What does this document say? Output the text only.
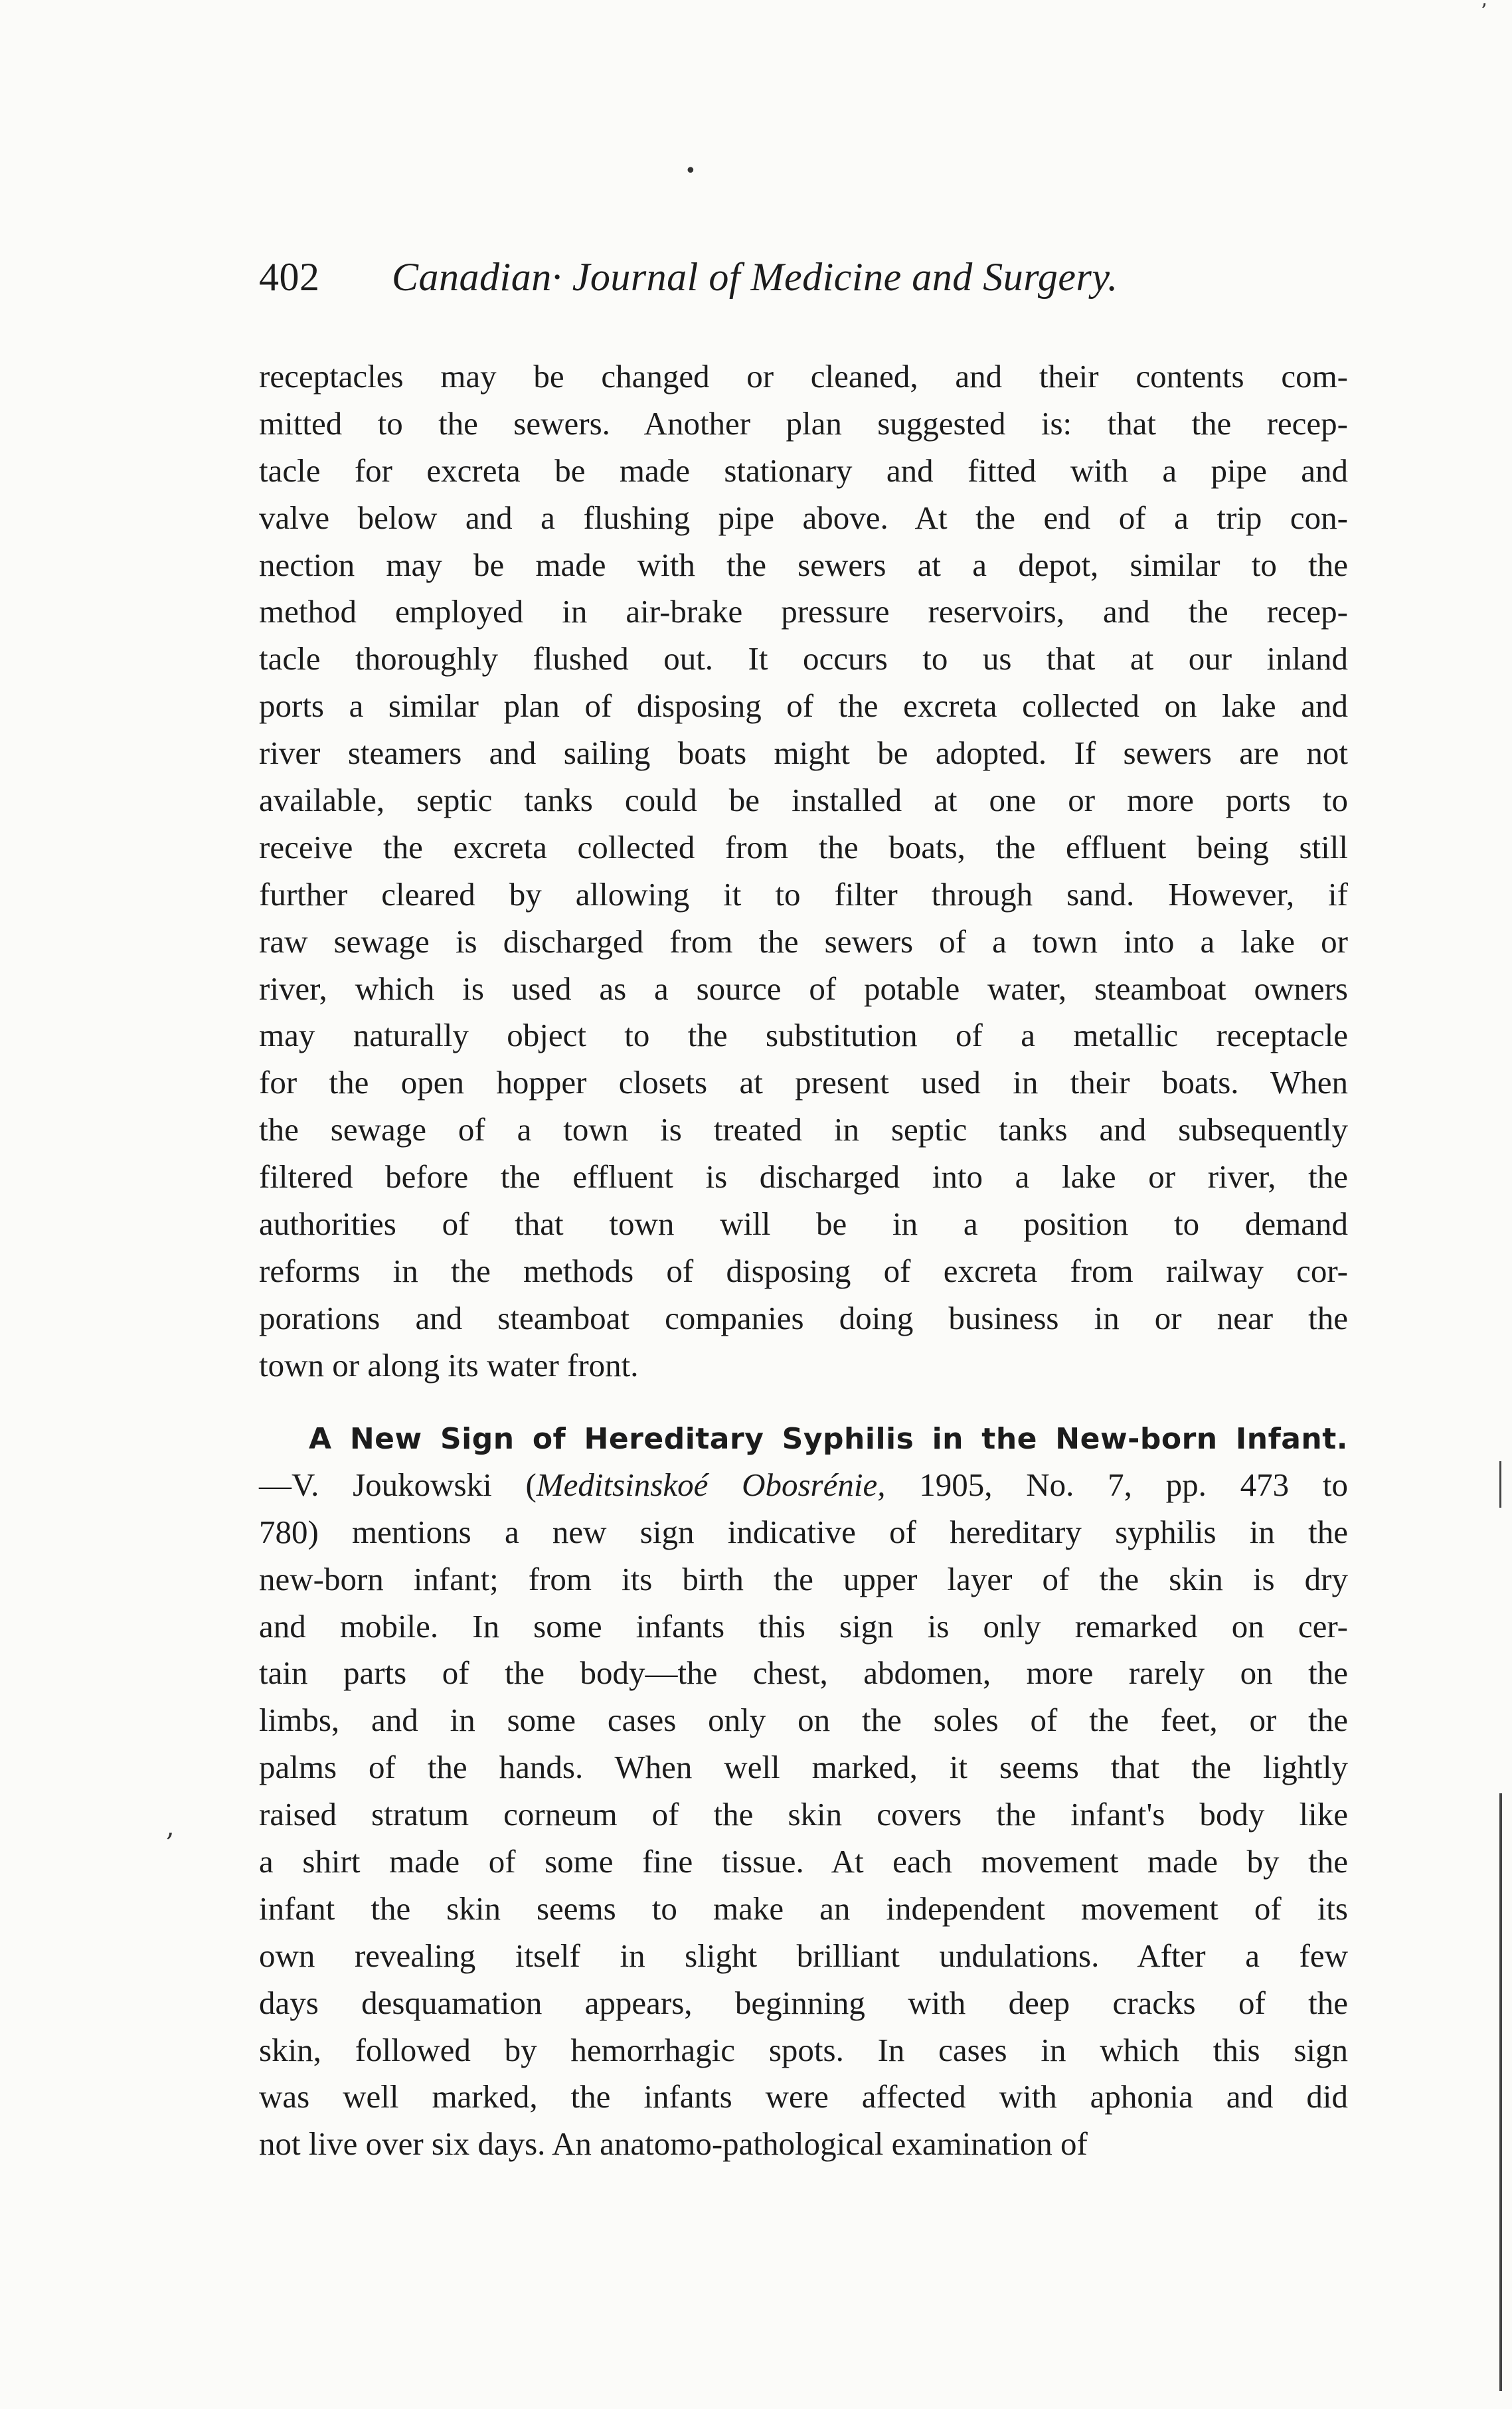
•
’
,
402 Canadian· Journal of Medicine and Surgery.
receptacles may be changed or cleaned, and their contents com-
mitted to the sewers. Another plan suggested is: that the recep-
tacle for excreta be made stationary and fitted with a pipe and
valve below and a flushing pipe above. At the end of a trip con-
nection may be made with the sewers at a depot, similar to the
method employed in air-brake pressure reservoirs, and the recep-
tacle thoroughly flushed out. It occurs to us that at our inland
ports a similar plan of disposing of the excreta collected on lake and
river steamers and sailing boats might be adopted. If sewers are not
available, septic tanks could be installed at one or more ports to
receive the excreta collected from the boats, the effluent being still
further cleared by allowing it to filter through sand. However, if
raw sewage is discharged from the sewers of a town into a lake or
river, which is used as a source of potable water, steamboat owners
may naturally object to the substitution of a metallic receptacle
for the open hopper closets at present used in their boats. When
the sewage of a town is treated in septic tanks and subsequently
filtered before the effluent is discharged into a lake or river, the
authorities of that town will be in a position to demand
reforms in the methods of disposing of excreta from railway cor-
porations and steamboat companies doing business in or near the
town or along its water front.
A New Sign of Hereditary Syphilis in the New-born Infant.
—V. Joukowski (Meditsinskoé Obosrénie, 1905, No. 7, pp. 473 to
780) mentions a new sign indicative of hereditary syphilis in the
new-born infant; from its birth the upper layer of the skin is dry
and mobile. In some infants this sign is only remarked on cer-
tain parts of the body—the chest, abdomen, more rarely on the
limbs, and in some cases only on the soles of the feet, or the
palms of the hands. When well marked, it seems that the lightly
raised stratum corneum of the skin covers the infant's body like
a shirt made of some fine tissue. At each movement made by the
infant the skin seems to make an independent movement of its
own revealing itself in slight brilliant undulations. After a few
days desquamation appears, beginning with deep cracks of the
skin, followed by hemorrhagic spots. In cases in which this sign
was well marked, the infants were affected with aphonia and did
not live over six days. An anatomo-pathological examination of
